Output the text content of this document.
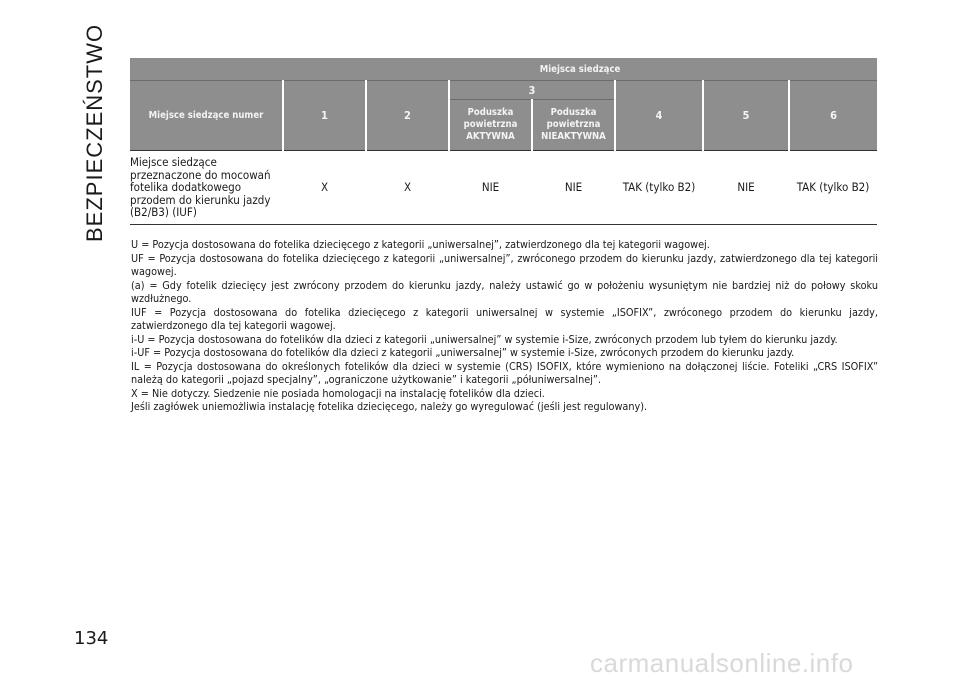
BEZPIECZEŃSTWO
		Miejsca siedzące						
Miejsce siedzące numer	1	2	3		4	5	6
			Poduszka powietrzna AKTYWNA	Poduszka powietrzna NIEAKTYWNA			
Miejsce siedzące przeznaczone do mocowań fotelika dodatkowego przodem do kierunku jazdy (B2/B3) (IUF)	X	X	NIE	NIE	TAK (tylko B2)	NIE	TAK (tylko B2)

U = Pozycja dostosowana do fotelika dziecięcego z kategorii „uniwersalnej”, zatwierdzonego dla tej kategorii wagowej.

UF = Pozycja dostosowana do fotelika dziecięcego z kategorii „uniwersalnej”, zwróconego przodem do kierunku jazdy, zatwierdzonego dla tej kategorii wagowej.

(a) = Gdy fotelik dziecięcy jest zwrócony przodem do kierunku jazdy, należy ustawić go w położeniu wysuniętym nie bardziej niż do połowy skoku wzdłużnego.

IUF = Pozycja dostosowana do fotelika dziecięcego z kategorii uniwersalnej w systemie „ISOFIX”, zwróconego przodem do kierunku jazdy, zatwierdzonego dla tej kategorii wagowej.

i-U = Pozycja dostosowana do fotelików dla dzieci z kategorii „uniwersalnej” w systemie i-Size, zwróconych przodem lub tyłem do kierunku jazdy.

i-UF = Pozycja dostosowana do fotelików dla dzieci z kategorii „uniwersalnej” w systemie i-Size, zwróconych przodem do kierunku jazdy.

IL = Pozycja dostosowana do określonych fotelików dla dzieci w systemie (CRS) ISOFIX, które wymieniono na dołączonej liście. Foteliki „CRS ISOFIX” należą do kategorii „pojazd specjalny”, „ograniczone użytkowanie” i kategorii „półuniwersalnej”.

X = Nie dotyczy. Siedzenie nie posiada homologacji na instalację fotelików dla dzieci.

Jeśli zagłówek uniemożliwia instalację fotelika dziecięcego, należy go wyregulować (jeśli jest regulowany).

134
carmanualsonline.info
